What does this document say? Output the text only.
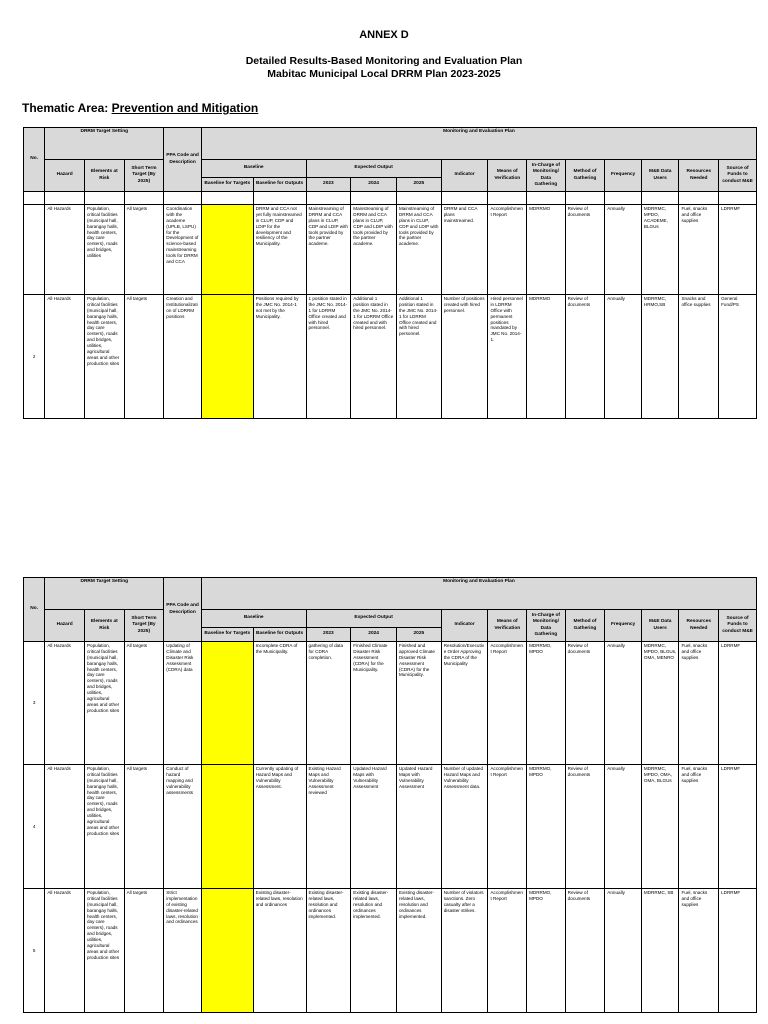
ANNEX D
Detailed Results-Based Monitoring and Evaluation Plan
Mabitac Municipal Local DRRM Plan 2023-2025
Thematic Area: Prevention and Mitigation
No.	DRRM Target Setting			PPA Code and Description	Monitoring and Evaluation Plan												
	Hazard	Elements at Risk	Short Term Target (By 2025)		Baseline		Expected Output			Indicator	Means of Verification	In-Charge of Monitoring/ Data Gathering	Method of Gathering	Frequency	M&E Data Users	Resources Needed	Source of Funds to conduct M&E
					Baseline for Targets	Baseline for Outputs	2023	2024	2025								

	All Hazards	Population, critical facilities (municipal hall, barangay halls, health centers, day care centers), roads and bridges, utilities	All targets	Coordination with the academe (UPLB, LSPU) for the Development of science-based mainstreaming tools for DRRM and CCA		DRRM and CCA not yet fully mainstreamed in CLUP, CDP and LDIP for the development and resiliency of the Municipality.	Mainstreaming of DRRM and CCA plans in CLUP, CDP and LDIP with tools provided by the partner academe.	Mainstreaming of DRRM and CCA plans in CLUP, CDP and LDIP with tools provided by the partner academe.	Mainstreaming of DRRM and CCA plans in CLUP, CDP and LDIP with tools provided by the partner academe.	DRRM and CCA plans mainstreamed.	Accomplishment Report	MDRRMO	Review of documents	Annually	MDRRMC, MPDO, ACADEME, BLGUs	Fuel, snacks and office supplies	LDRRMF
2	All Hazards	Population, critical facilities (municipal hall, barangay halls, health centers, day care centers), roads and bridges, utilities, agricultural areas and other production sites	All targets	Creation and Institutionalization of LDRRM positions		Positions required by the JMC No. 2014-1 not met by the Municipality.	1 position stated in the JMC No. 2014-1 for LDRRM Office created and with hired personnel.	Additional 1 position stated in the JMC No. 2014-1 for LDRRM Office created and with hired personnel.	Additional 1 position stated in the JMC No. 2014-1 for LDRRM Office created and with hired personnel.	Number of positions created with hired personnel.	Hired personnel in LDRRM Office with permanent positions mandated by JMC No. 2014-1.	MDRRMO	Review of documents	Annually	MDRRMC, HRMO,SB	Snacks and office supplies	General Fund/PS
No.	DRRM Target Setting			PPA Code and Description	Monitoring and Evaluation Plan												
	Hazard	Elements at Risk	Short Term Target (By 2025)		Baseline		Expected Output			Indicator	Means of Verification	In-Charge of Monitoring/ Data Gathering	Method of Gathering	Frequency	M&E Data Users	Resources Needed	Source of Funds to conduct M&E
					Baseline for Targets	Baseline for Outputs	2023	2024	2025								
3	All Hazards	Population, critical facilities (municipal hall, barangay halls, health centers, day care centers), roads and bridges, utilities, agricultural areas and other production sites	All targets	Updating of Climate and Disaster Risk Assessment (CDRA) data		Incomplete CDRA of the Municipality.	gathering of data for CDRA completion.	Finished Climate Disaster Risk Assessment (CDRA) for the Municipality.	Finished and approved Climate Disaster Risk Assessment (CDRA) for the Municipality.	Resolution/Executive Order Approving the CDRA of the Municipality	Accomplishment Report	MDRRMO, MPDO	Review of documents	Annually	MDRRMC, MPDO, BLGUs, OMA, MENRO	Fuel, snacks and office supplies	LDRRMF
4	All Hazards	Population, critical facilities (municipal hall, barangay halls, health centers, day care centers), roads and bridges, utilities, agricultural areas and other production sites	All targets	Conduct of hazard mapping and vulnerability assessments		Currently updating of Hazard Maps and Vulnerability Assessment.	Existing Hazard Maps and Vulnerability Assessment reviewed	Updated Hazard Maps with Vulnerability Assessment	Updated Hazard Maps with Vulnerability Assessment	Number of updated Hazard Maps and Vulnerability Assessment data.	Accomplishment Report	MDRRMO, MPDO	Review of documents	Annually	MDRRMC, MPDO, OMA, OMA, BLGUs	Fuel, snacks and office supplies	LDRRMF
5	All Hazards	Population, critical facilities (municipal hall, barangay halls, health centers, day care centers), roads and bridges, utilities, agricultural areas and other production sites	All targets	Strict implementation of existing disaster-related laws, resolution and ordinances		Existing disaster-related laws, resolution and ordinances	Existing disaster-related laws, resolution and ordinances implemented.	Existing disaster-related laws, resolution and ordinances implemented.	Existing disaster-related laws, resolution and ordinances implemented.	Number of violators sanctions. Zero casualty after a disaster strikes.	Accomplishment Report	MDRRMO, MPDO	Review of documents	Annually	MDRRMC, SB	Fuel, snacks and office supplies	LDRRMF
